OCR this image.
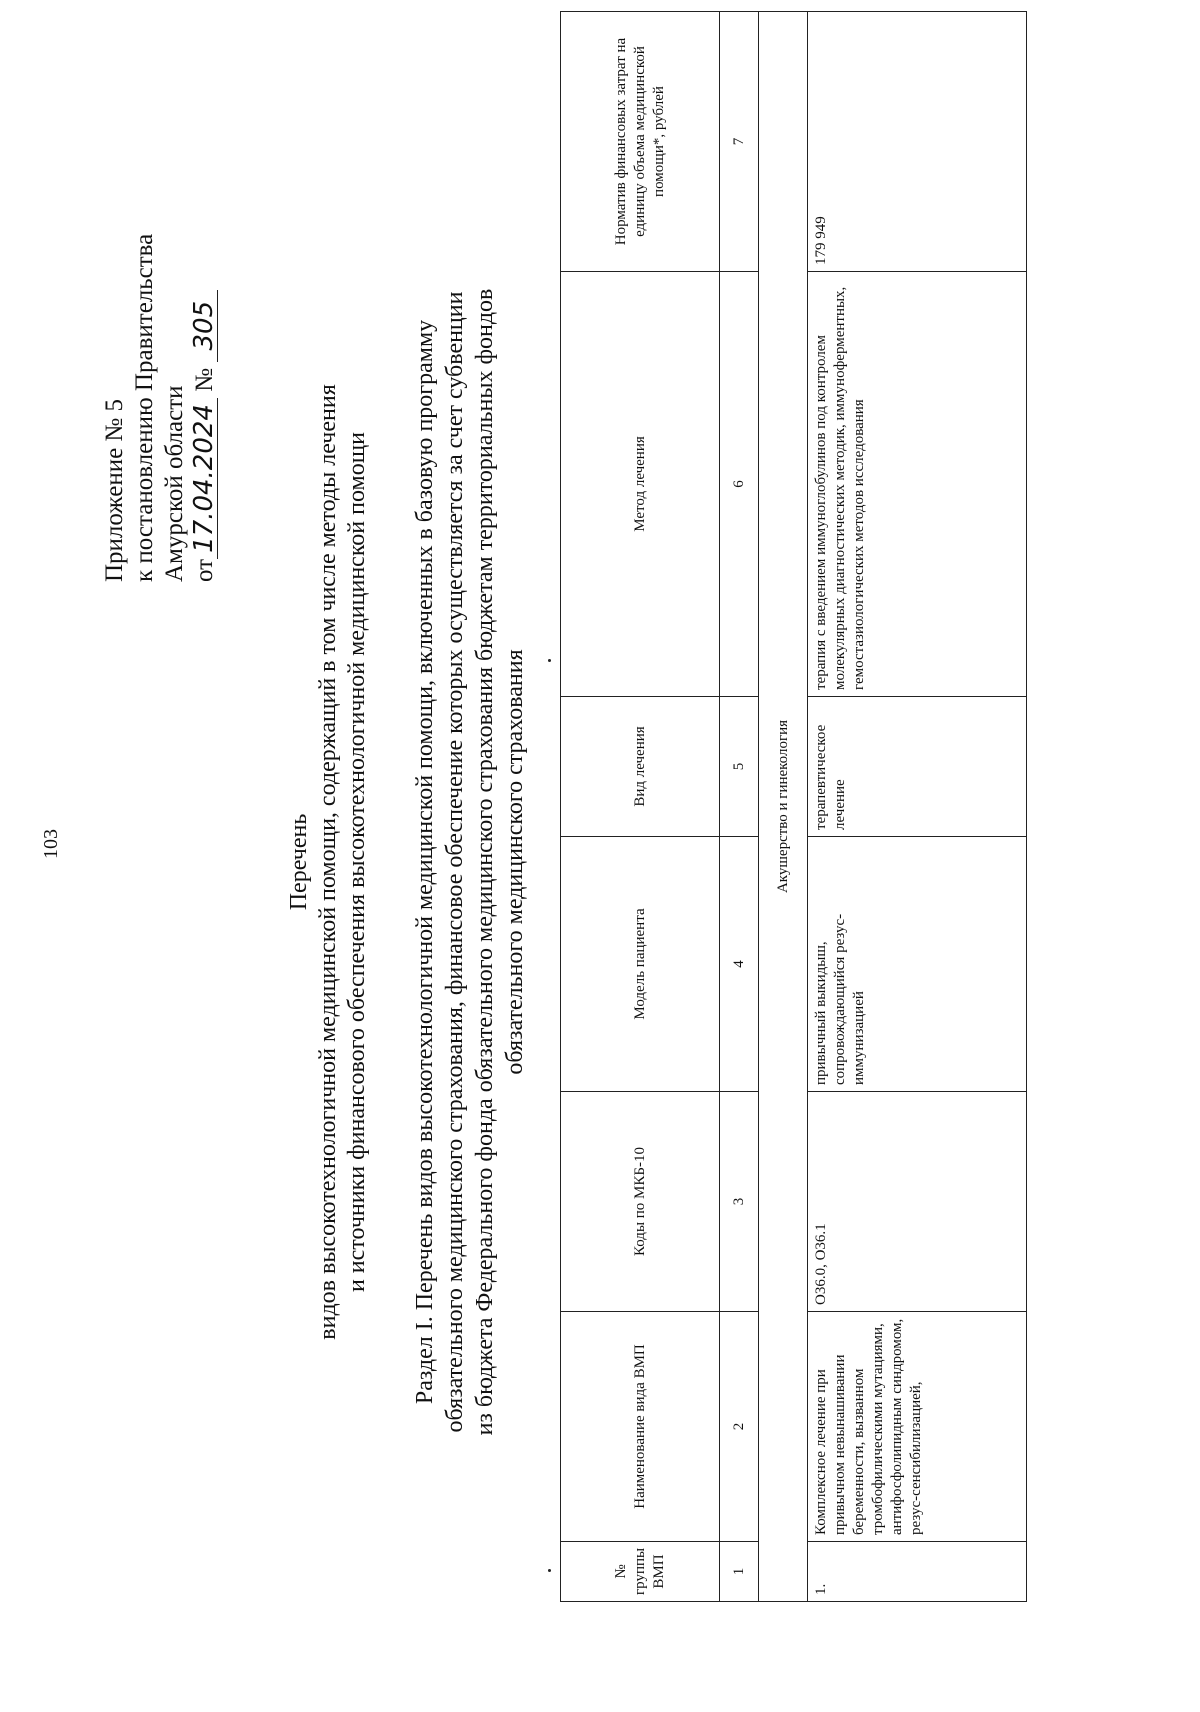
103
Приложение № 5 к постановлению Правительства Амурской области от17.04.2024 № 305
Перечень видов высокотехнологичной медицинской помощи, содержащий в том числе методы лечения и источники финансового обеспечения высокотехнологичной медицинской помощи Раздел I. Перечень видов высокотехнологичной медицинской помощи, включенных в базовую программу обязательного медицинского страхования, финансовое обеспечение которых осуществляется за счет субвенции из бюджета Федерального фонда обязательного медицинского страхования бюджетам территориальных фондов обязательного медицинского страхования
№ группы ВМП	Наименование вида ВМП	Коды по МКБ-10	Модель пациента	Вид лечения	Метод лечения	Норматив финансовых затрат на единицу объема медицинской помощи*, рублей
1	2	3	4	5	6	7
Акушерство и гинекология						
1.	Комплексное лечение при привычном невынашивании беременности, вызванном тромбофилическими мутациями, антифосфолипидным синдромом, резус-сенсибилизацией,	O36.0, O36.1	привычный выкидыш, сопровождающийся резус-иммунизацией	терапевтическое лечение	терапия с введением иммуноглобулинов под контролем молекулярных диагностических методик, иммуноферментных, гемостазиологических методов исследования	179 949
